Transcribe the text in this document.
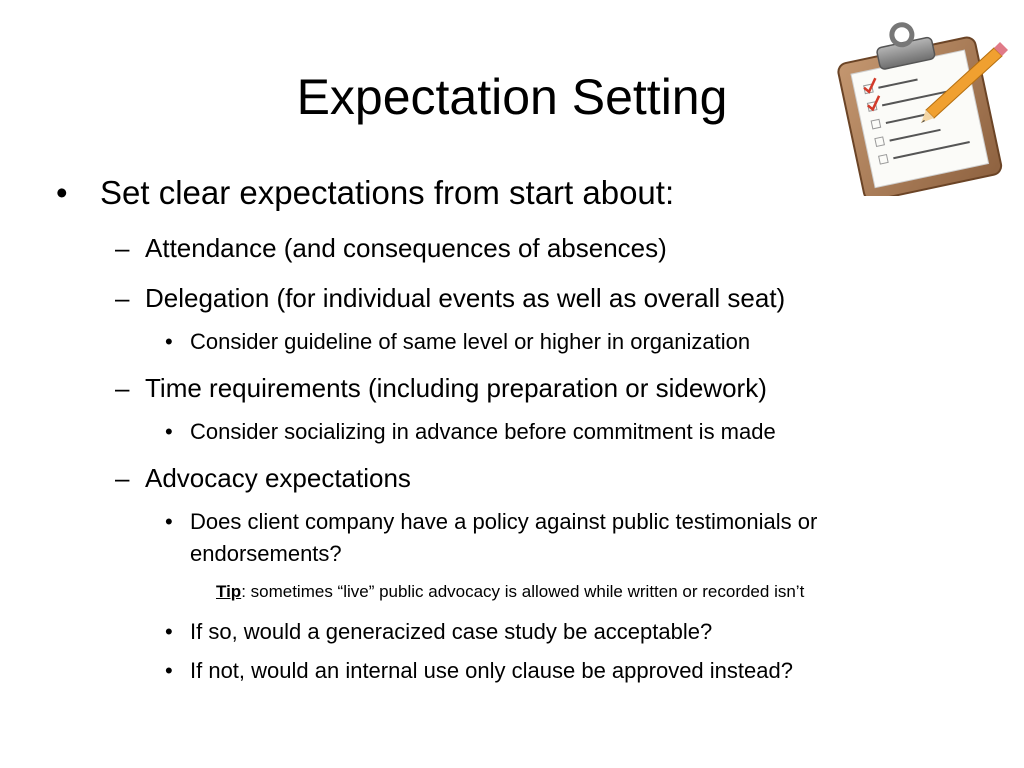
Expectation Setting
• Set clear expectations from start about:
– Attendance (and consequences of absences)
– Delegation (for individual events as well as overall seat)
• Consider guideline of same level or higher in organization
– Time requirements (including preparation or sidework)
• Consider socializing in advance before commitment is made
– Advocacy expectations
• Does client company have a policy against public testimonials or endorsements?
Tip: sometimes “live” public advocacy is allowed while written or recorded isn’t
• If so, would a generacized case study be acceptable?
• If not, would an internal use only clause be approved instead?
